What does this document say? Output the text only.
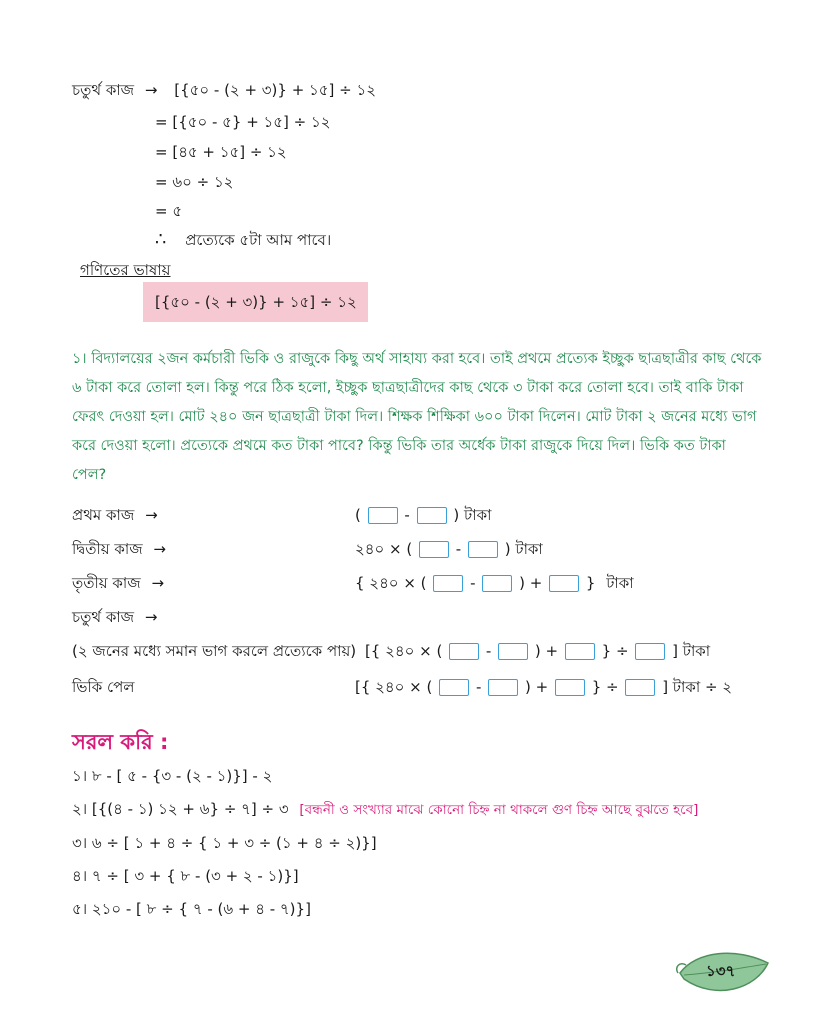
চতুর্থ কাজ → [{৫০ - (২ + ৩)} + ১৫] ÷ ১২
= [{৫০ - ৫} + ১৫] ÷ ১২
= [৪৫ + ১৫] ÷ ১২
= ৬০ ÷ ১২
= ৫
∴ প্রত্যেকে ৫টা আম পাবে।
গণিতের ভাষায়
[{৫০ - (২ + ৩)} + ১৫] ÷ ১২
১। বিদ্যালয়ের ২জন কর্মচারী ভিকি ও রাজুকে কিছু অর্থ সাহায্য করা হবে। তাই প্রথমে প্রত্যেক ইচ্ছুক ছাত্রছাত্রীর কাছ থেকে ৬ টাকা করে তোলা হল। কিন্তু পরে ঠিক হলো, ইচ্ছুক ছাত্রছাত্রীদের কাছ থেকে ৩ টাকা করে তোলা হবে। তাই বাকি টাকা ফেরৎ দেওয়া হল। মোট ২৪০ জন ছাত্রছাত্রী টাকা দিল। শিক্ষক শিক্ষিকা ৬০০ টাকা দিলেন। মোট টাকা ২ জনের মধ্যে ভাগ করে দেওয়া হলো। প্রত্যেকে প্রথমে কত টাকা পাবে? কিন্তু ভিকি তার অর্ধেক টাকা রাজুকে দিয়ে দিল। ভিকি কত টাকা পেল?
প্রথম কাজ →	(	-	) টাকা
দ্বিতীয় কাজ →	২৪০ × (	-	) টাকা
তৃতীয় কাজ →	{ ২৪০ × (	-	) +	} টাকা
চতুর্থ কাজ →
(২ জনের মধ্যে সমান ভাগ করলে প্রত্যেকে পায়) [{ ২৪০ × (	-	) +	} ÷	] টাকা
ভিকি পেল	[{ ২৪০ × (	-	) +	} ÷	] টাকা ÷ ২
সরল করি :
১। ৮ - [ ৫ - {৩ - (২ - ১)}] - ২
২। [{(৪ - ১) ১২ + ৬} ÷ ৭] ÷ ৩ [বন্ধনী ও সংখ্যার মাঝে কোনো চিহ্ন না থাকলে গুণ চিহ্ন আছে বুঝতে হবে]
৩। ৬ ÷ [ ১ + ৪ ÷ { ১ + ৩ ÷ (১ + ৪ ÷ ২)}]
৪। ৭ ÷ [ ৩ + { ৮ - (৩ + ২ - ১)}]
৫। ২১০ - [ ৮ ÷ { ৭ - (৬ + ৪ - ৭)}]
১৩৭
